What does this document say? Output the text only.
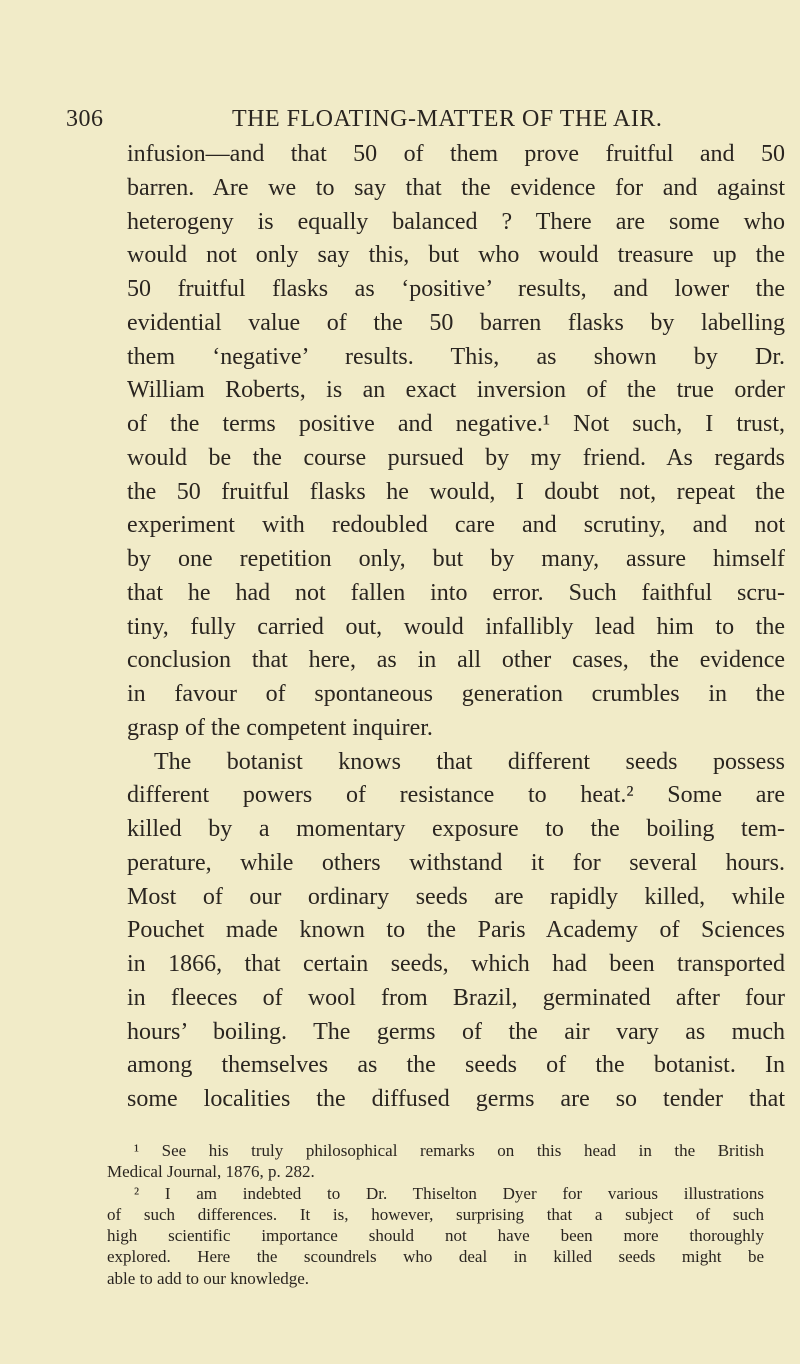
306	THE FLOATING-MATTER OF THE AIR.
infusion—and that 50 of them prove fruitful and 50
barren. Are we to say that the evidence for and against
heterogeny is equally balanced ? There are some who
would not only say this, but who would treasure up the
50 fruitful flasks as ‘positive’ results, and lower the
evidential value of the 50 barren flasks by labelling
them ‘negative’ results. This, as shown by Dr.
William Roberts, is an exact inversion of the true order
of the terms positive and negative.¹ Not such, I trust,
would be the course pursued by my friend. As regards
the 50 fruitful flasks he would, I doubt not, repeat the
experiment with redoubled care and scrutiny, and not
by one repetition only, but by many, assure himself
that he had not fallen into error. Such faithful scru-
tiny, fully carried out, would infallibly lead him to the
conclusion that here, as in all other cases, the evidence
in favour of spontaneous generation crumbles in the
grasp of the competent inquirer.
The botanist knows that different seeds possess
different powers of resistance to heat.² Some are
killed by a momentary exposure to the boiling tem-
perature, while others withstand it for several hours.
Most of our ordinary seeds are rapidly killed, while
Pouchet made known to the Paris Academy of Sciences
in 1866, that certain seeds, which had been transported
in fleeces of wool from Brazil, germinated after four
hours’ boiling. The germs of the air vary as much
among themselves as the seeds of the botanist. In
some localities the diffused germs are so tender that
¹ See his truly philosophical remarks on this head in the British
Medical Journal, 1876, p. 282.
² I am indebted to Dr. Thiselton Dyer for various illustrations
of such differences. It is, however, surprising that a subject of such
high scientific importance should not have been more thoroughly
explored. Here the scoundrels who deal in killed seeds might be
able to add to our knowledge.
